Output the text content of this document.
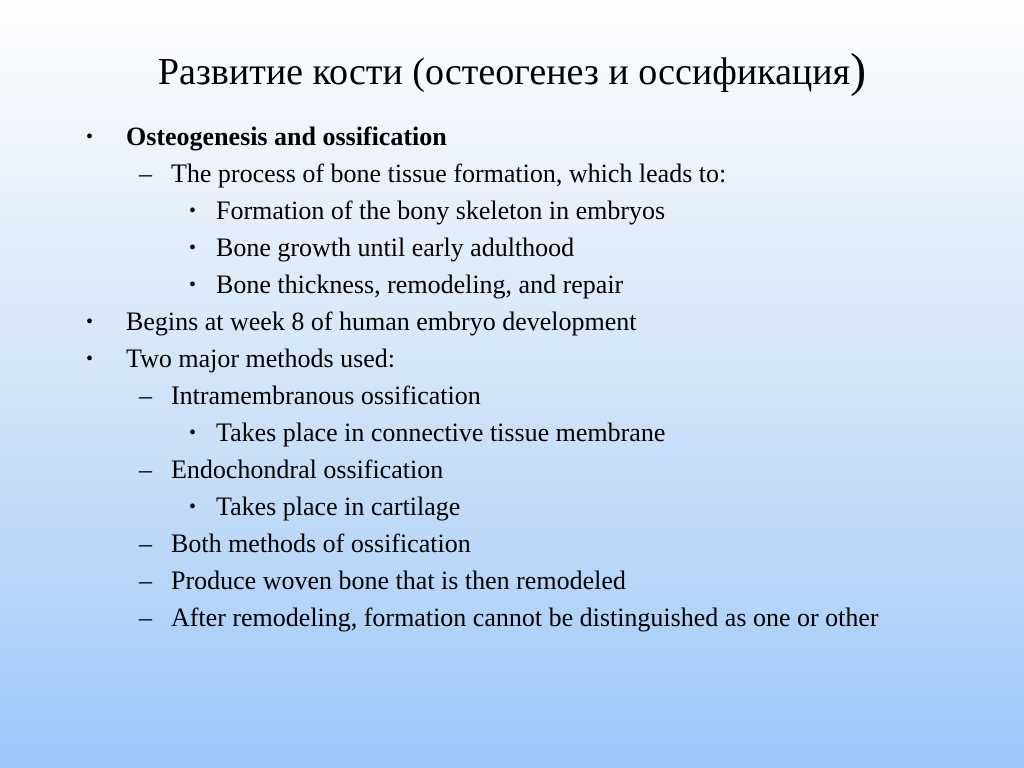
Развитие кости (остеогенез и оссификация)
• Osteogenesis and ossification
– The process of bone tissue formation, which leads to:
• Formation of the bony skeleton in embryos
• Bone growth until early adulthood
• Bone thickness, remodeling, and repair
• Begins at week 8 of human embryo development
• Two major methods used:
– Intramembranous ossification
• Takes place in connective tissue membrane
– Endochondral ossification
• Takes place in cartilage
– Both methods of ossification
– Produce woven bone that is then remodeled
– After remodeling, formation cannot be distinguished as one or other
